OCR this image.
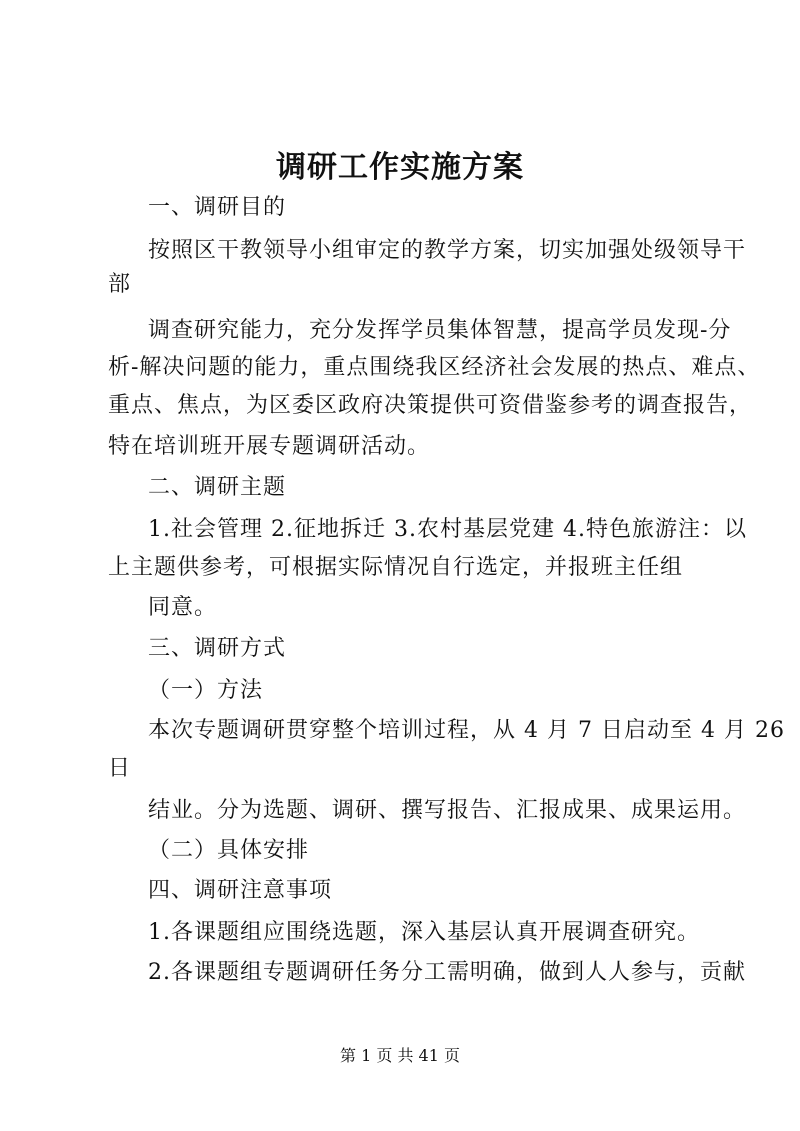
调研工作实施方案
一、调研目的
按照区干教领导小组审定的教学方案，切实加强处级领导干
部
调查研究能力，充分发挥学员集体智慧，提高学员发现-分
析-解决问题的能力，重点围绕我区经济社会发展的热点、难点、
重点、焦点，为区委区政府决策提供可资借鉴参考的调查报告，
特在培训班开展专题调研活动。
二、调研主题
1.社会管理 2.征地拆迁 3.农村基层党建 4.特色旅游注：以
上主题供参考，可根据实际情况自行选定，并报班主任组
同意。
三、调研方式
（一）方法
本次专题调研贯穿整个培训过程，从 4 月 7 日启动至 4 月 26
日
结业。分为选题、调研、撰写报告、汇报成果、成果运用。
（二）具体安排
四、调研注意事项
1.各课题组应围绕选题，深入基层认真开展调查研究。
2.各课题组专题调研任务分工需明确，做到人人参与，贡献
第 1 页 共 41 页
